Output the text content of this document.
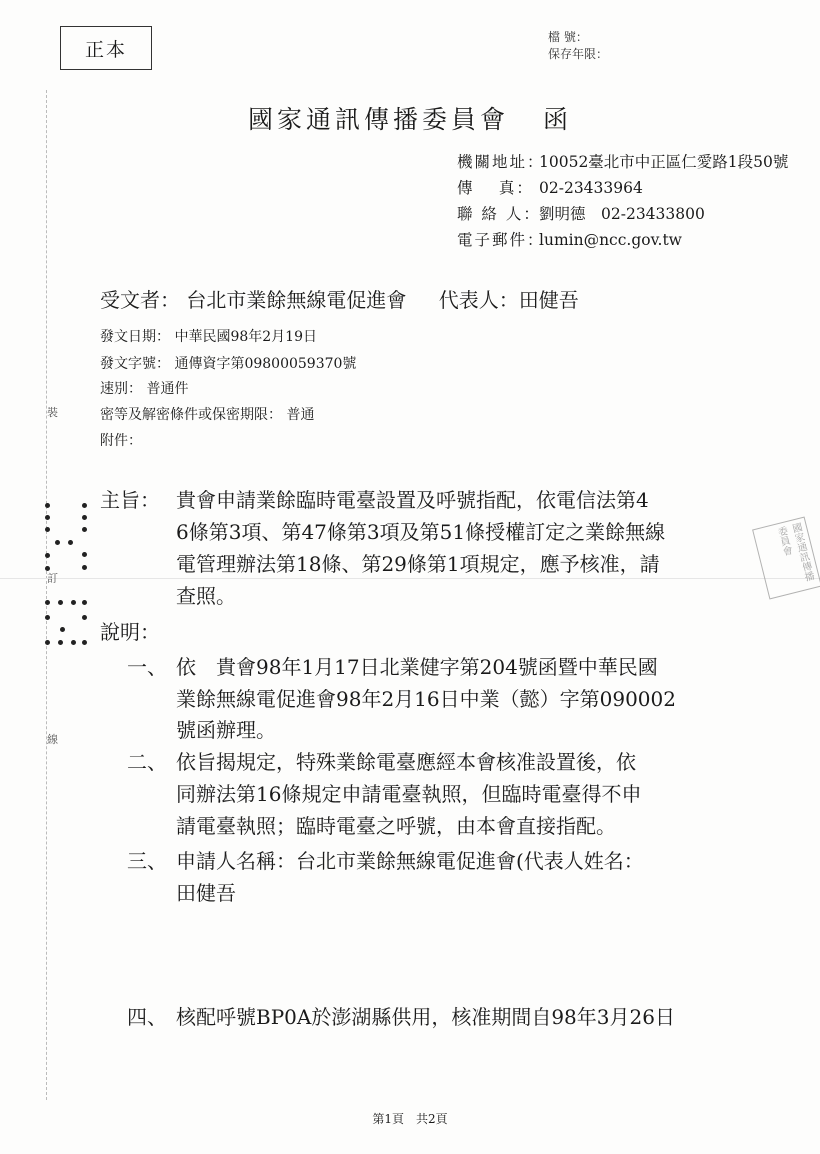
裝
訂
線
正本
檔 號：
保存年限：
國家通訊傳播委員會 函
機關地址：10052臺北市中正區仁愛路1段50號
傳　 真： 02-23433964
聯 絡 人：劉明德　02-23433800
電子郵件：lumin@ncc.gov.tw
受文者： 台北市業餘無線電促進會 代表人：田健吾
發文日期： 中華民國98年2月19日
發文字號： 通傳資字第09800059370號
速別： 普通件
密等及解密條件或保密期限： 普通
附件：
主旨： 貴會申請業餘臨時電臺設置及呼號指配，依電信法第4
6條第3項、第47條第3項及第51條授權訂定之業餘無線
電管理辦法第18條、第29條第1項規定，應予核准，請
查照。
說明：
一、 依　貴會98年1月17日北業健字第204號函暨中華民國
業餘無線電促進會98年2月16日中業（懿）字第090002
號函辦理。
二、 依旨揭規定，特殊業餘電臺應經本會核准設置後，依
同辦法第16條規定申請電臺執照，但臨時電臺得不申
請電臺執照；臨時電臺之呼號，由本會直接指配。
三、 申請人名稱：台北市業餘無線電促進會(代表人姓名：
田健吾
四、 核配呼號BP0A於澎湖縣供用，核准期間自98年3月26日
國家通訊傳播委員會
第1頁　 共2頁
